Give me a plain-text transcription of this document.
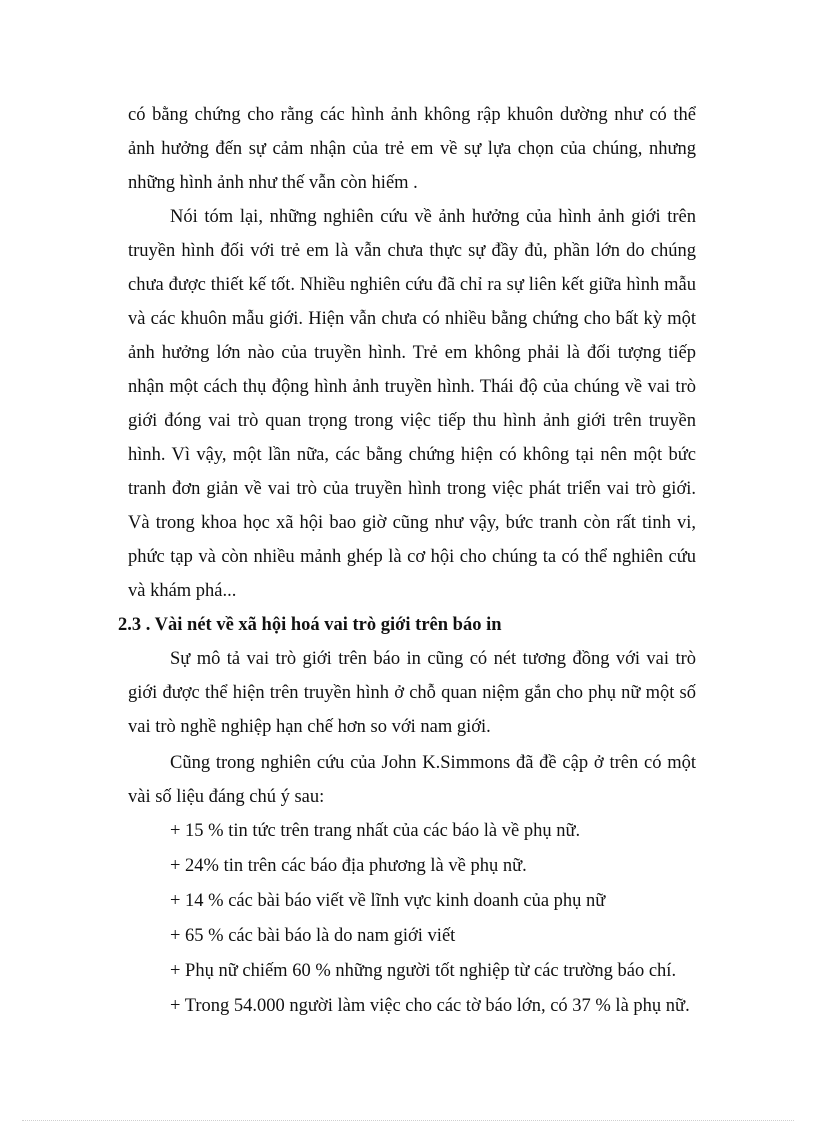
có bằng chứng cho rằng các hình ảnh không rập khuôn dường như có thể ảnh hưởng đến sự cảm nhận của trẻ em về sự lựa chọn của chúng, nhưng những hình ảnh như thế vẫn còn hiếm .

Nói tóm lại, những nghiên cứu về ảnh hưởng của hình ảnh giới trên truyền hình đối với trẻ em là vẫn chưa thực sự đầy đủ, phần lớn do chúng chưa được thiết kế tốt. Nhiều nghiên cứu đã chỉ ra sự liên kết giữa hình mẫu và các khuôn mẫu giới. Hiện vẫn chưa có nhiều bằng chứng cho bất kỳ một ảnh hưởng lớn nào của truyền hình. Trẻ em không phải là đối tượng tiếp nhận một cách thụ động hình ảnh truyền hình. Thái độ của chúng về vai trò giới đóng vai trò quan trọng trong việc tiếp thu hình ảnh giới trên truyền hình. Vì vậy, một lần nữa, các bằng chứng hiện có không tại nên một bức tranh đơn giản về vai trò của truyền hình trong việc phát triển vai trò giới. Và trong khoa học xã hội bao giờ cũng như vậy, bức tranh còn rất tinh vi, phức tạp và còn nhiều mảnh ghép là cơ hội cho chúng ta có thể nghiên cứu và khám phá...

2.3 . Vài nét về xã hội hoá vai trò giới trên báo in

Sự mô tả vai trò giới trên báo in cũng có nét tương đồng với vai trò giới được thể hiện trên truyền hình ở chỗ quan niệm gắn cho phụ nữ một số vai trò nghề nghiệp hạn chế hơn so với nam giới.

Cũng trong nghiên cứu của John K.Simmons đã đề cập ở trên có một vài số liệu đáng chú ý sau:

+ 15 % tin tức trên trang nhất của các báo là về phụ nữ.
+ 24% tin trên các báo địa phương là về phụ nữ.
+ 14 % các bài báo viết về lĩnh vực kinh doanh của phụ nữ
+ 65 % các bài báo là do nam giới viết
+ Phụ nữ chiếm 60 % những người tốt nghiệp từ các trường báo chí.
+ Trong 54.000 người làm việc cho các tờ báo lớn, có 37 % là phụ nữ.
